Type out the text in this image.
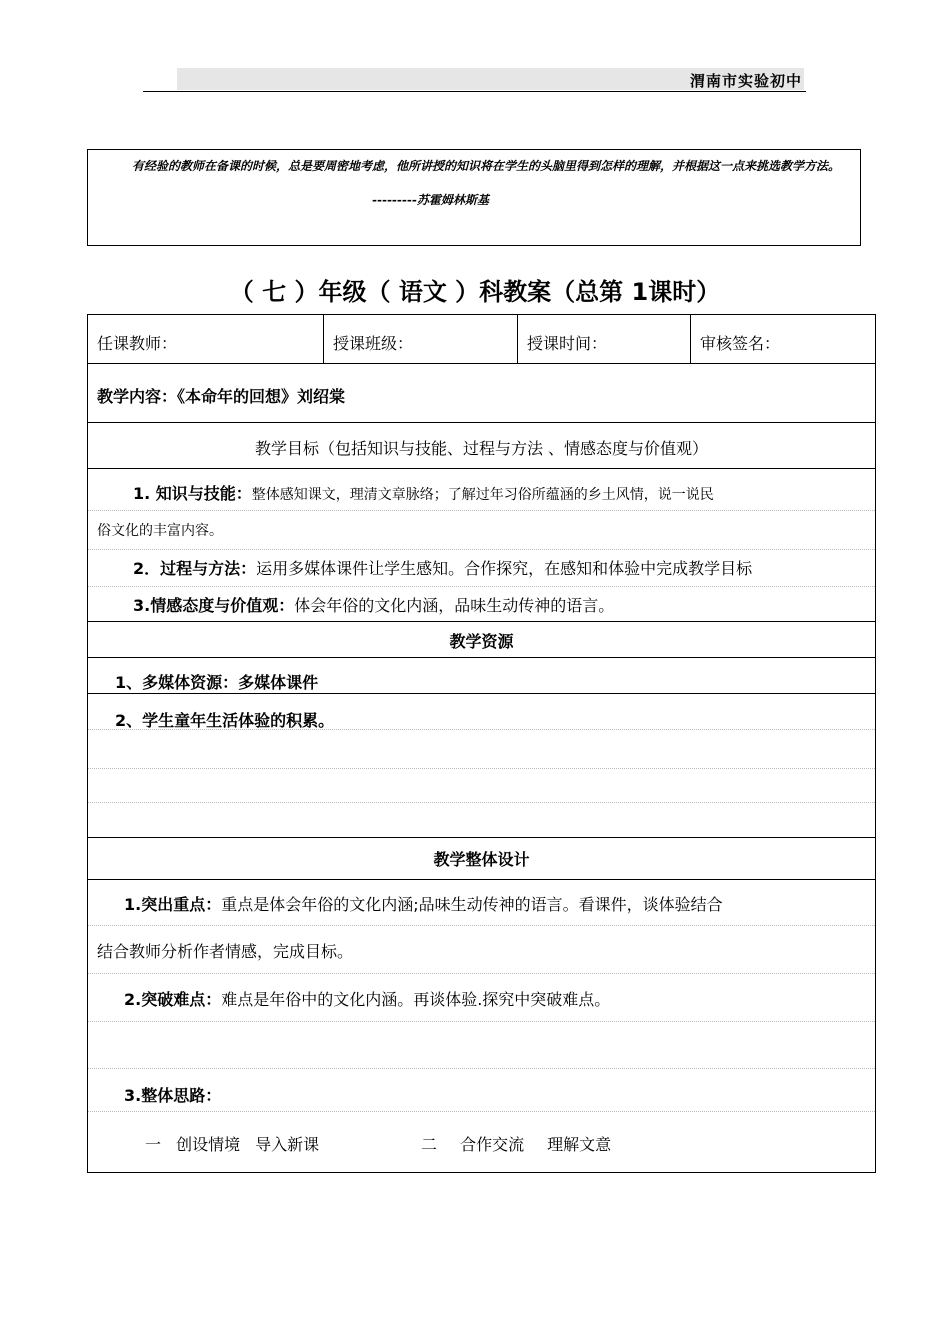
渭南市实验初中
有经验的教师在备课的时候，总是要周密地考虑，他所讲授的知识将在学生的头脑里得到怎样的理解，并根据这一点来挑选教学方法。
---------苏霍姆林斯基
（ 七 ）年级（ 语文 ）科教案（总第 1课时）
任课教师：	授课班级：	授课时间：	审核签名：
教学内容：《本命年的回想》刘绍棠
教学目标（包括知识与技能、过程与方法 、情感态度与价值观）
1. 知识与技能：整体感知课文，理清文章脉络；了解过年习俗所蕴涵的乡土风情，说一说民
俗文化的丰富内容。
2．过程与方法：运用多媒体课件让学生感知。合作探究，在感知和体验中完成教学目标
3.情感态度与价值观：体会年俗的文化内涵，品味生动传神的语言。
教学资源
1、多媒体资源：多媒体课件
2、学生童年生活体验的积累。
教学整体设计
1.突出重点：重点是体会年俗的文化内涵;品味生动传神的语言。看课件，谈体验结合
结合教师分析作者情感，完成目标。
2.突破难点：难点是年俗中的文化内涵。再谈体验.探究中突破难点。
3.整体思路：
一 创设情境 导入新课	二 合作交流 理解文意
